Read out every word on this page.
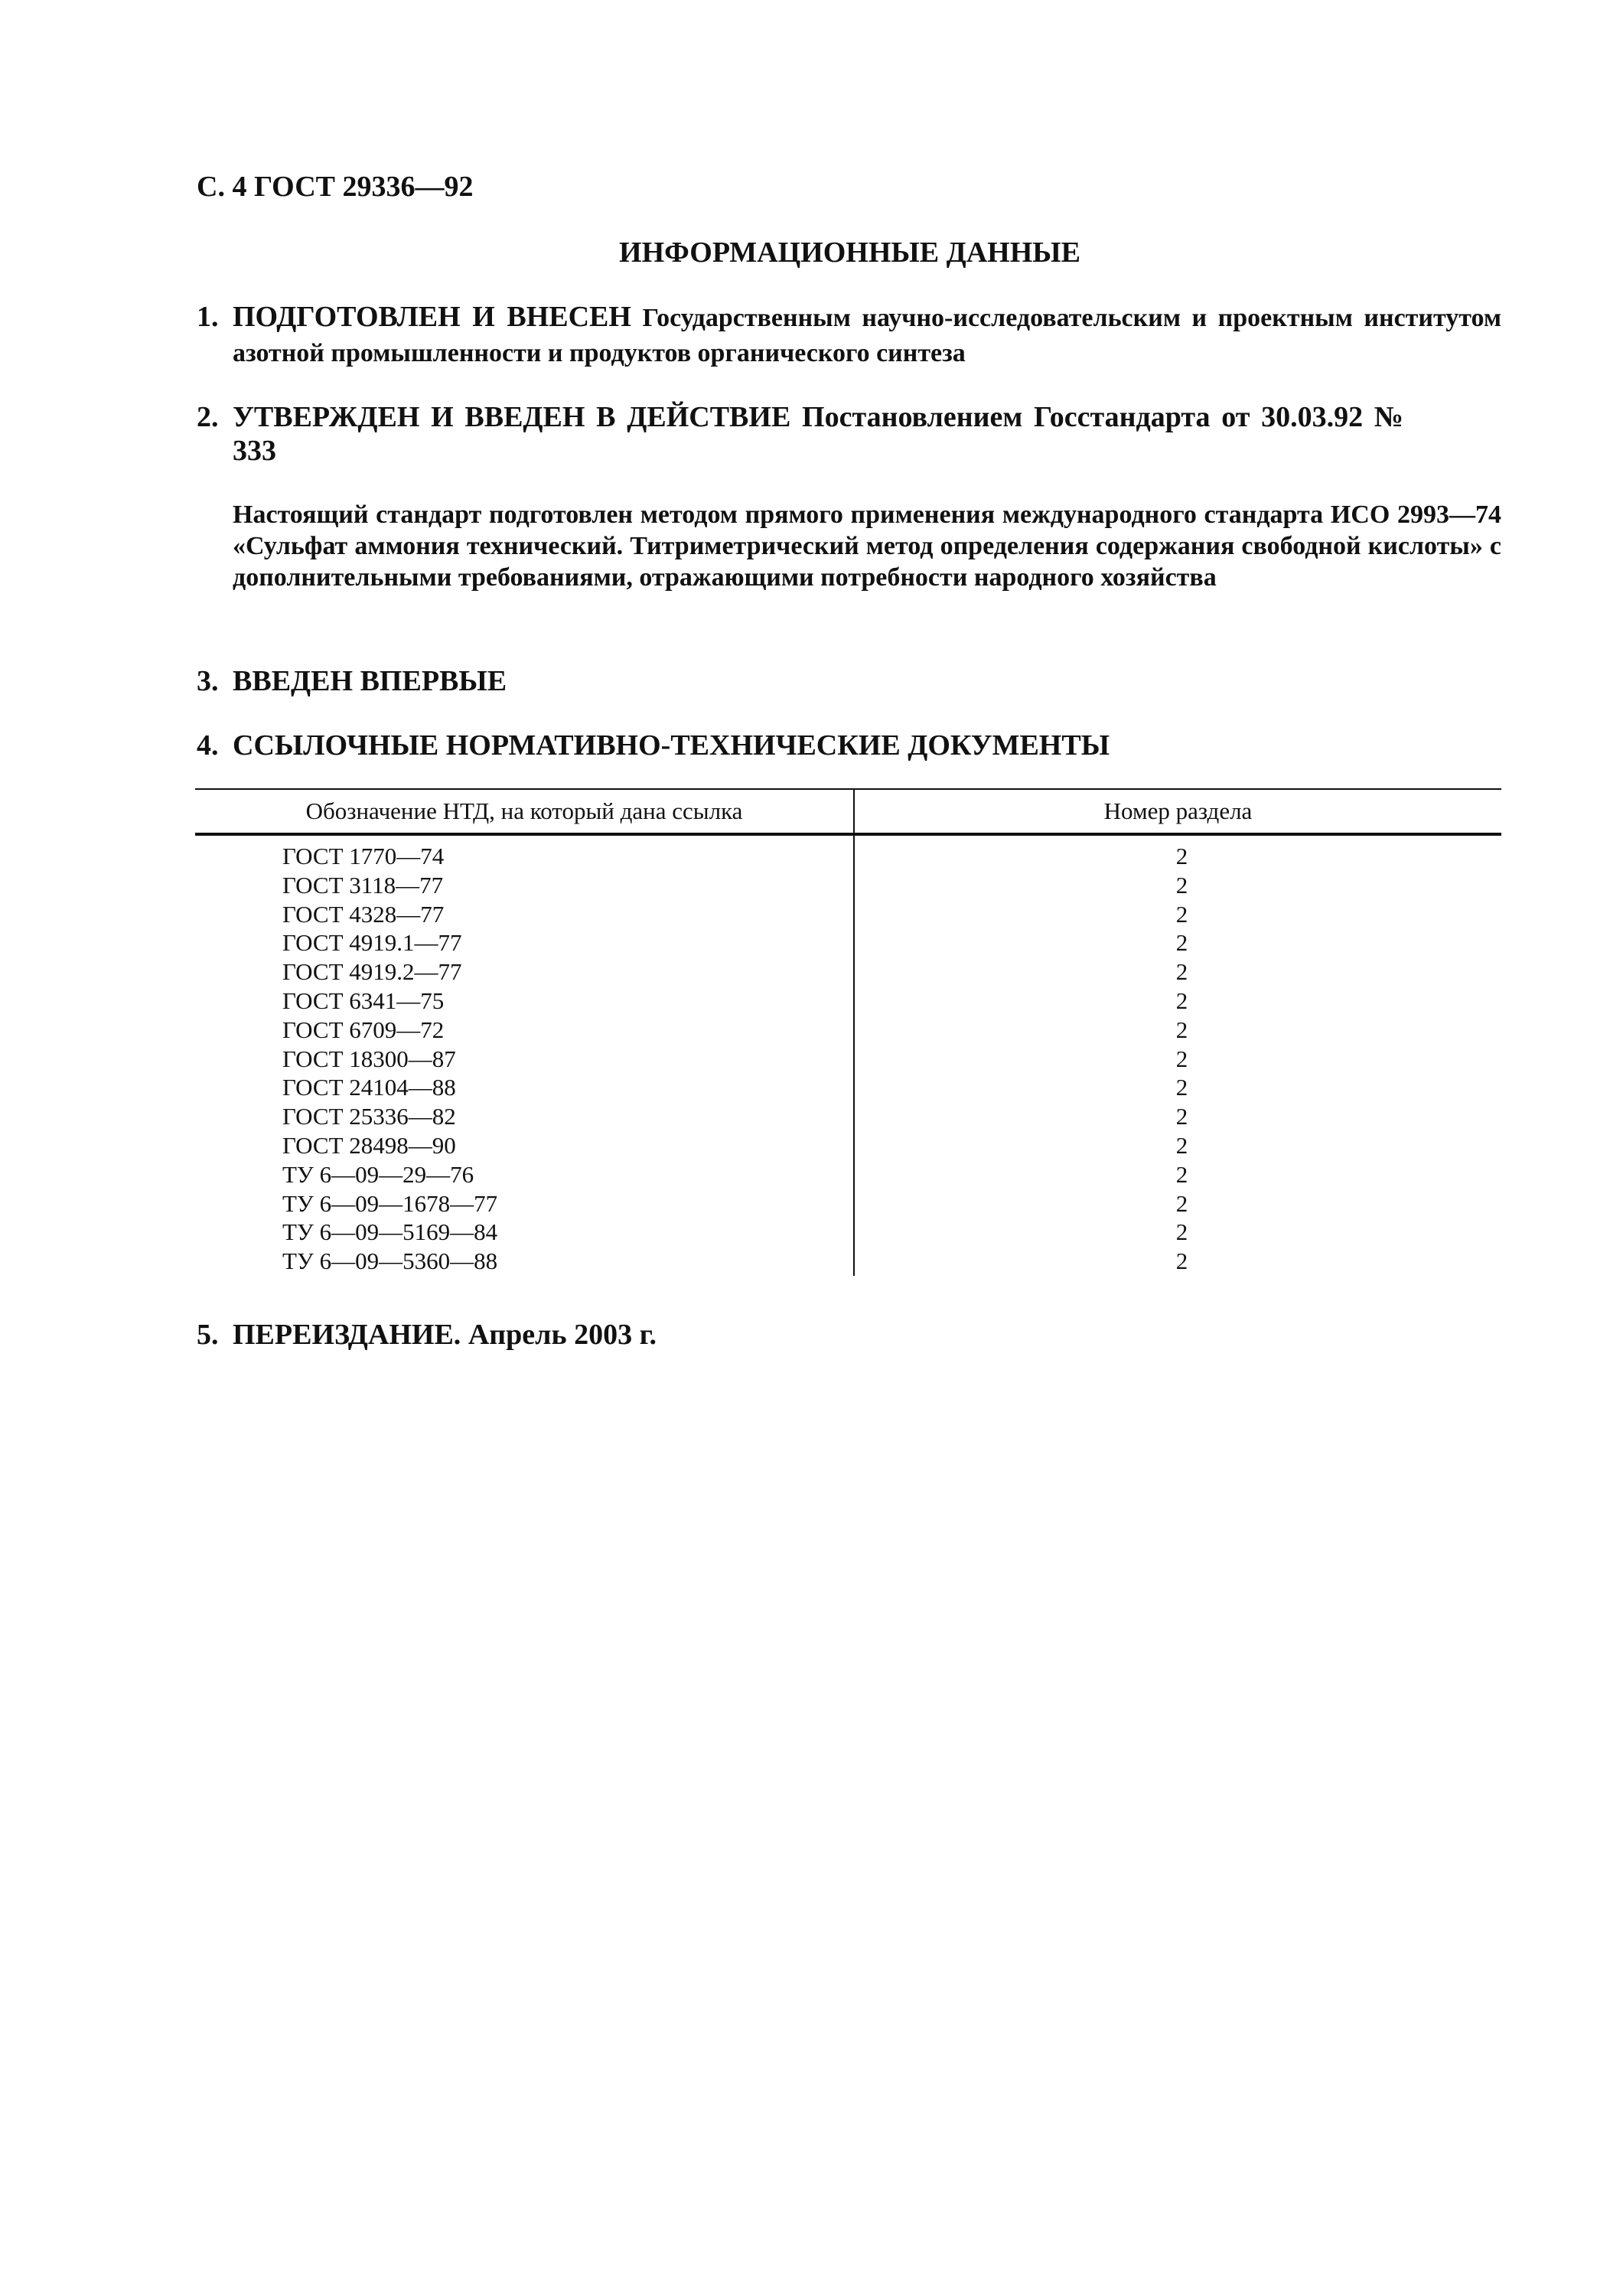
С. 4 ГОСТ 29336—92
ИНФОРМАЦИОННЫЕ ДАННЫЕ
1. ПОДГОТОВЛЕН И ВНЕСЕН Государственным научно-исследовательским и проектным институтом азотной промышленности и продуктов органического синтеза
2. УТВЕРЖДЕН И ВВЕДЕН В ДЕЙСТВИЕ Постановлением Госстандарта от 30.03.92 № 333
Настоящий стандарт подготовлен методом прямого применения международного стандарта ИСО 2993—74 «Сульфат аммония технический. Титриметрический метод определения содержания свободной кислоты» с дополнительными требованиями, отражающими потребности народного хозяйства
3. ВВЕДЕН ВПЕРВЫЕ
4. ССЫЛОЧНЫЕ НОРМАТИВНО-ТЕХНИЧЕСКИЕ ДОКУМЕНТЫ
Обозначение НТД, на который дана ссылка	Номер раздела
ГОСТ 1770—74	2
ГОСТ 3118—77	2
ГОСТ 4328—77	2
ГОСТ 4919.1—77	2
ГОСТ 4919.2—77	2
ГОСТ 6341—75	2
ГОСТ 6709—72	2
ГОСТ 18300—87	2
ГОСТ 24104—88	2
ГОСТ 25336—82	2
ГОСТ 28498—90	2
ТУ 6—09—29—76	2
ТУ 6—09—1678—77	2
ТУ 6—09—5169—84	2
ТУ 6—09—5360—88	2
5. ПЕРЕИЗДАНИЕ. Апрель 2003 г.
